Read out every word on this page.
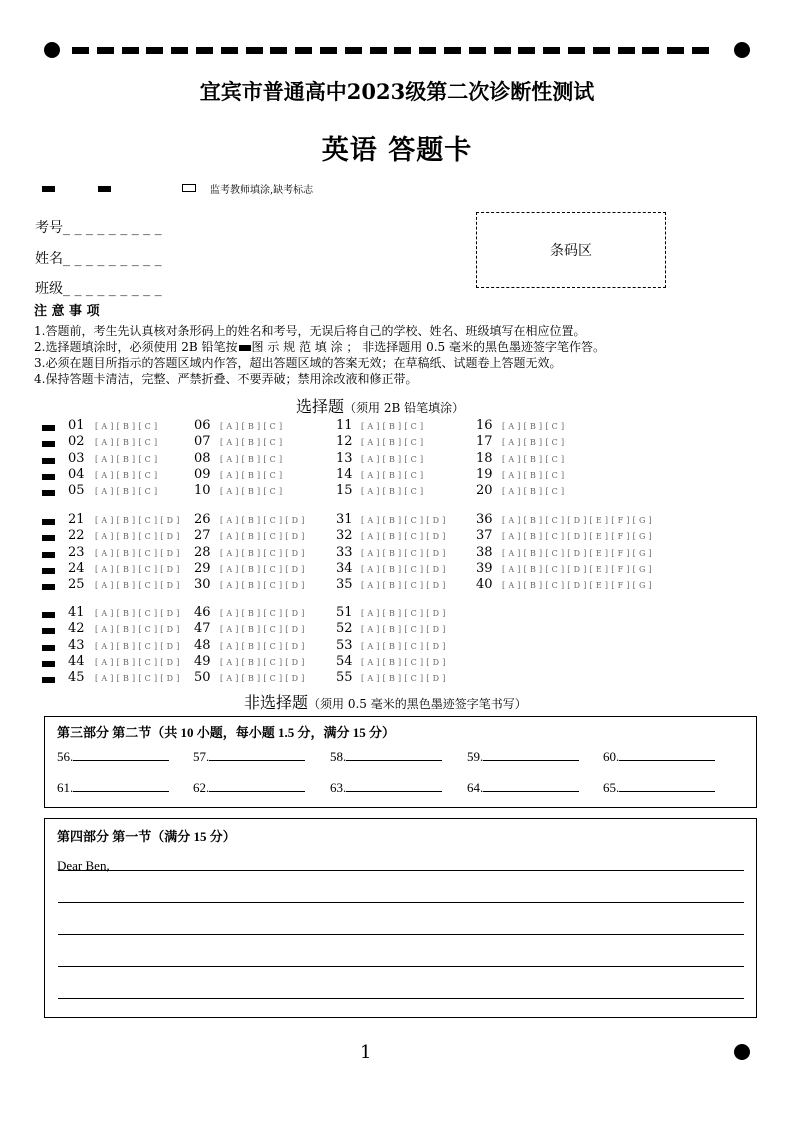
宜宾市普通高中2023级第二次诊断性测试
英语 答题卡
监考教师填涂,缺考标志
考号_ _ _ _ _ _ _ _ _
姓名_ _ _ _ _ _ _ _ _
班级_ _ _ _ _ _ _ _ _
条码区
注 意 事 项
1.答题前，考生先认真核对条形码上的姓名和考号，无误后将自己的学校、姓名、班级填写在相应位置。
2.选择题填涂时，必须使用 2B 铅笔按 图 示 规 范 填 涂 ； 非选择题用 0.5 毫米的黑色墨迹签字笔作答。
3.必须在题目所指示的答题区域内作答，超出答题区域的答案无效；在草稿纸、试题卷上答题无效。
4.保持答题卡清洁，完整、严禁折叠、不要弄破；禁用涂改液和修正带。
选择题（须用 2B 铅笔填涂）
01 [A][B][C]
02 [A][B][C]
03 [A][B][C]
04 [A][B][C]
05 [A][B][C]
06 [A][B][C]
07 [A][B][C]
08 [A][B][C]
09 [A][B][C]
10 [A][B][C]
11 [A][B][C]
12 [A][B][C]
13 [A][B][C]
14 [A][B][C]
15 [A][B][C]
16 [A][B][C]
17 [A][B][C]
18 [A][B][C]
19 [A][B][C]
20 [A][B][C]
21 [A][B][C][D]
22 [A][B][C][D]
23 [A][B][C][D]
24 [A][B][C][D]
25 [A][B][C][D]
26 [A][B][C][D]
27 [A][B][C][D]
28 [A][B][C][D]
29 [A][B][C][D]
30 [A][B][C][D]
31 [A][B][C][D]
32 [A][B][C][D]
33 [A][B][C][D]
34 [A][B][C][D]
35 [A][B][C][D]
36 [A][B][C][D][E][F][G]
37 [A][B][C][D][E][F][G]
38 [A][B][C][D][E][F][G]
39 [A][B][C][D][E][F][G]
40 [A][B][C][D][E][F][G]
41 [A][B][C][D]
42 [A][B][C][D]
43 [A][B][C][D]
44 [A][B][C][D]
45 [A][B][C][D]
46 [A][B][C][D]
47 [A][B][C][D]
48 [A][B][C][D]
49 [A][B][C][D]
50 [A][B][C][D]
51 [A][B][C][D]
52 [A][B][C][D]
53 [A][B][C][D]
54 [A][B][C][D]
55 [A][B][C][D]
非选择题（须用 0.5 毫米的黑色墨迹签字笔书写）
第三部分 第二节（共 10 小题，每小题 1.5 分，满分 15 分）
56.	57.	58.	59.	60.
61.	62.	63.	64.	65.
第四部分 第一节（满分 15 分）
Dear Ben,
1
